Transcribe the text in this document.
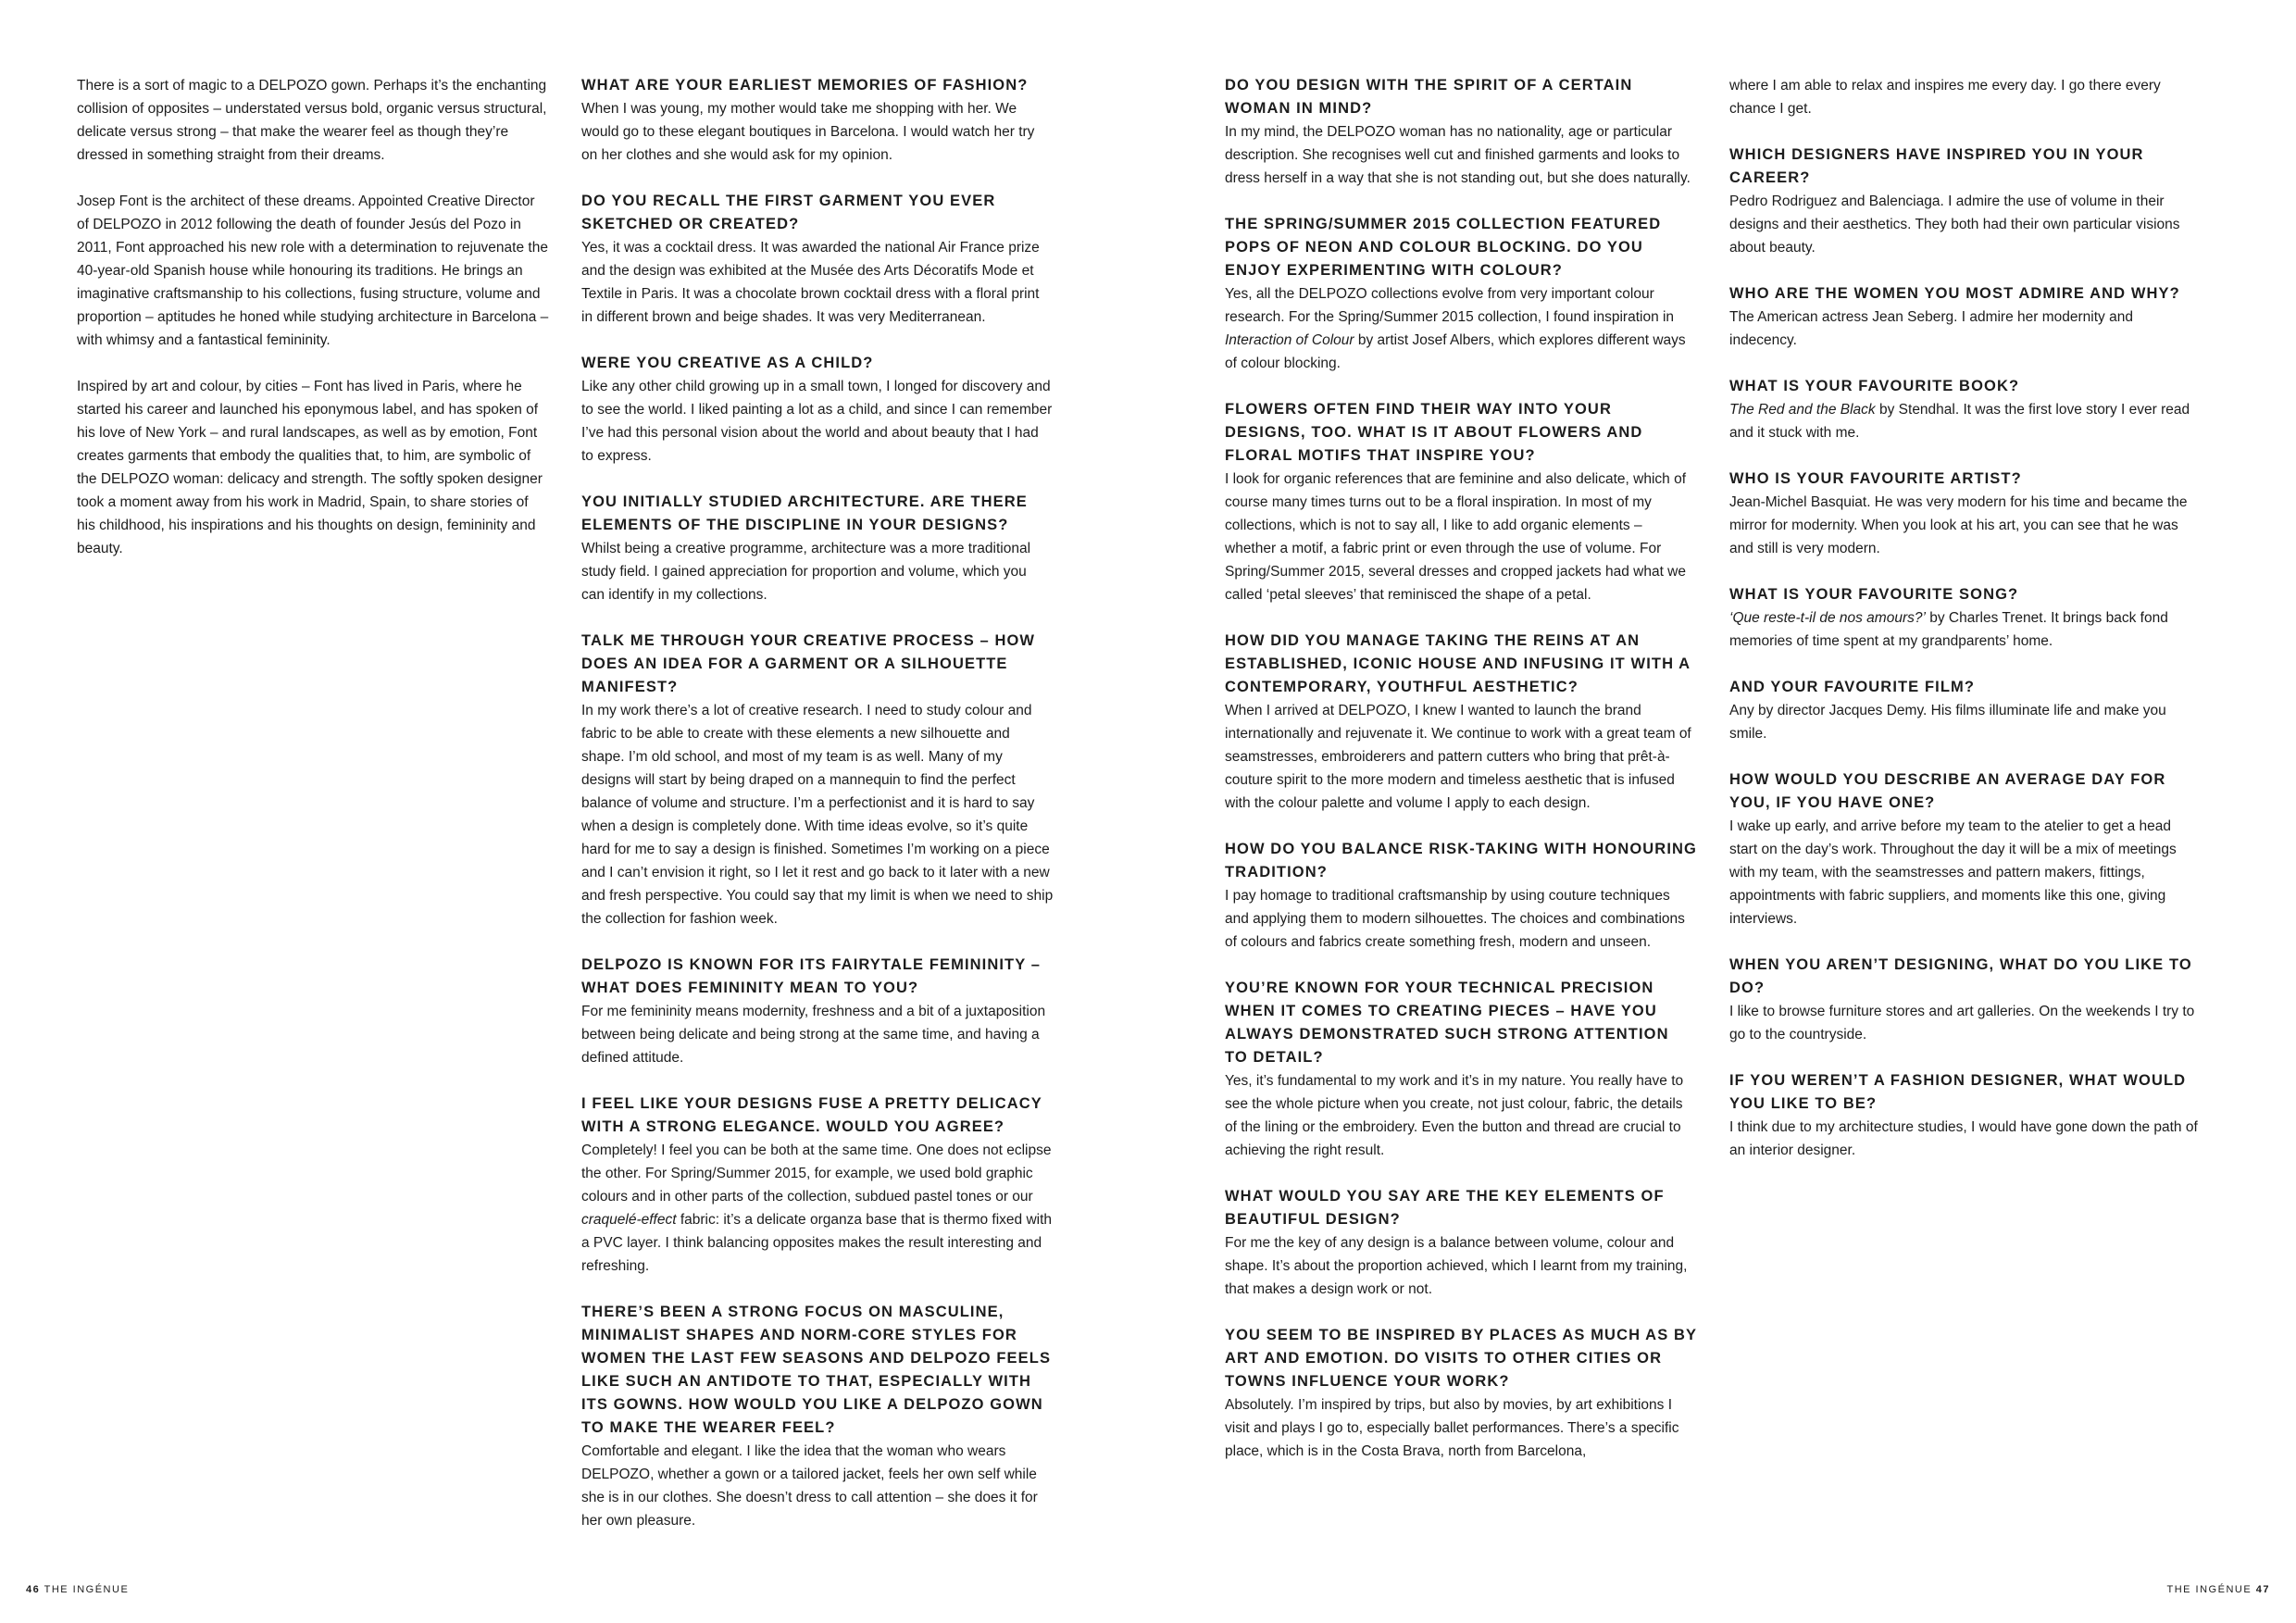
There is a sort of magic to a DELPOZO gown. Perhaps it’s the enchanting collision of opposites – understated versus bold, organic versus structural, delicate versus strong – that make the wearer feel as though they’re dressed in something straight from their dreams.

Josep Font is the architect of these dreams. Appointed Creative Director of DELPOZO in 2012 following the death of founder Jesús del Pozo in 2011, Font approached his new role with a determination to rejuvenate the 40-year-old Spanish house while honouring its traditions. He brings an imaginative craftsmanship to his collections, fusing structure, volume and proportion – aptitudes he honed while studying architecture in Barcelona – with whimsy and a fantastical femininity.

Inspired by art and colour, by cities – Font has lived in Paris, where he started his career and launched his eponymous label, and has spoken of his love of New York – and rural landscapes, as well as by emotion, Font creates garments that embody the qualities that, to him, are symbolic of the DELPOZO woman: delicacy and strength. The softly spoken designer took a moment away from his work in Madrid, Spain, to share stories of his childhood, his inspirations and his thoughts on design, femininity and beauty.

WHAT ARE YOUR EARLIEST MEMORIES OF FASHION?

When I was young, my mother would take me shopping with her. We would go to these elegant boutiques in Barcelona. I would watch her try on her clothes and she would ask for my opinion.

DO YOU RECALL THE FIRST GARMENT YOU EVER SKETCHED OR CREATED?

Yes, it was a cocktail dress. It was awarded the national Air France prize and the design was exhibited at the Musée des Arts Décoratifs Mode et Textile in Paris. It was a chocolate brown cocktail dress with a floral print in different brown and beige shades. It was very Mediterranean.

WERE YOU CREATIVE AS A CHILD?

Like any other child growing up in a small town, I longed for discovery and to see the world. I liked painting a lot as a child, and since I can remember I’ve had this personal vision about the world and about beauty that I had to express.

YOU INITIALLY STUDIED ARCHITECTURE. ARE THERE ELEMENTS OF THE DISCIPLINE IN YOUR DESIGNS?

Whilst being a creative programme, architecture was a more traditional study field. I gained appreciation for proportion and volume, which you can identify in my collections.

TALK ME THROUGH YOUR CREATIVE PROCESS – HOW DOES AN IDEA FOR A GARMENT OR A SILHOUETTE MANIFEST?

In my work there’s a lot of creative research. I need to study colour and fabric to be able to create with these elements a new silhouette and shape. I’m old school, and most of my team is as well. Many of my designs will start by being draped on a mannequin to find the perfect balance of volume and structure. I’m a perfectionist and it is hard to say when a design is completely done. With time ideas evolve, so it’s quite hard for me to say a design is finished. Sometimes I’m working on a piece and I can’t envision it right, so I let it rest and go back to it later with a new and fresh perspective. You could say that my limit is when we need to ship the collection for fashion week.

DELPOZO IS KNOWN FOR ITS FAIRYTALE FEMININITY – WHAT DOES FEMININITY MEAN TO YOU?

For me femininity means modernity, freshness and a bit of a juxtaposition between being delicate and being strong at the same time, and having a defined attitude.

I FEEL LIKE YOUR DESIGNS FUSE A PRETTY DELICACY WITH A STRONG ELEGANCE. WOULD YOU AGREE?

Completely! I feel you can be both at the same time. One does not eclipse the other. For Spring/Summer 2015, for example, we used bold graphic colours and in other parts of the collection, subdued pastel tones or our craquelé-effect fabric: it’s a delicate organza base that is thermo fixed with a PVC layer. I think balancing opposites makes the result interesting and refreshing.

THERE’S BEEN A STRONG FOCUS ON MASCULINE, MINIMALIST SHAPES AND NORM-CORE STYLES FOR WOMEN THE LAST FEW SEASONS AND DELPOZO FEELS LIKE SUCH AN ANTIDOTE TO THAT, ESPECIALLY WITH ITS GOWNS. HOW WOULD YOU LIKE A DELPOZO GOWN TO MAKE THE WEARER FEEL?

Comfortable and elegant. I like the idea that the woman who wears DELPOZO, whether a gown or a tailored jacket, feels her own self while she is in our clothes. She doesn’t dress to call attention – she does it for her own pleasure.

DO YOU DESIGN WITH THE SPIRIT OF A CERTAIN WOMAN IN MIND?

In my mind, the DELPOZO woman has no nationality, age or particular description. She recognises well cut and finished garments and looks to dress herself in a way that she is not standing out, but she does naturally.

THE SPRING/SUMMER 2015 COLLECTION FEATURED POPS OF NEON AND COLOUR BLOCKING. DO YOU ENJOY EXPERIMENTING WITH COLOUR?

Yes, all the DELPOZO collections evolve from very important colour research. For the Spring/Summer 2015 collection, I found inspiration in Interaction of Colour by artist Josef Albers, which explores different ways of colour blocking.

FLOWERS OFTEN FIND THEIR WAY INTO YOUR DESIGNS, TOO. WHAT IS IT ABOUT FLOWERS AND FLORAL MOTIFS THAT INSPIRE YOU?

I look for organic references that are feminine and also delicate, which of course many times turns out to be a floral inspiration. In most of my collections, which is not to say all, I like to add organic elements – whether a motif, a fabric print or even through the use of volume. For Spring/Summer 2015, several dresses and cropped jackets had what we called ‘petal sleeves’ that reminisced the shape of a petal.

HOW DID YOU MANAGE TAKING THE REINS AT AN ESTABLISHED, ICONIC HOUSE AND INFUSING IT WITH A CONTEMPORARY, YOUTHFUL AESTHETIC?

When I arrived at DELPOZO, I knew I wanted to launch the brand internationally and rejuvenate it. We continue to work with a great team of seamstresses, embroiderers and pattern cutters who bring that prêt-à-couture spirit to the more modern and timeless aesthetic that is infused with the colour palette and volume I apply to each design.

HOW DO YOU BALANCE RISK-TAKING WITH HONOURING TRADITION?

I pay homage to traditional craftsmanship by using couture techniques and applying them to modern silhouettes. The choices and combinations of colours and fabrics create something fresh, modern and unseen.

YOU’RE KNOWN FOR YOUR TECHNICAL PRECISION WHEN IT COMES TO CREATING PIECES – HAVE YOU ALWAYS DEMONSTRATED SUCH STRONG ATTENTION TO DETAIL?

Yes, it’s fundamental to my work and it’s in my nature. You really have to see the whole picture when you create, not just colour, fabric, the details of the lining or the embroidery. Even the button and thread are crucial to achieving the right result.

WHAT WOULD YOU SAY ARE THE KEY ELEMENTS OF BEAUTIFUL DESIGN?

For me the key of any design is a balance between volume, colour and shape. It’s about the proportion achieved, which I learnt from my training, that makes a design work or not.

YOU SEEM TO BE INSPIRED BY PLACES AS MUCH AS BY ART AND EMOTION. DO VISITS TO OTHER CITIES OR TOWNS INFLUENCE YOUR WORK?

Absolutely. I’m inspired by trips, but also by movies, by art exhibitions I visit and plays I go to, especially ballet performances. There’s a specific place, which is in the Costa Brava, north from Barcelona,

where I am able to relax and inspires me every day. I go there every chance I get.

WHICH DESIGNERS HAVE INSPIRED YOU IN YOUR CAREER?

Pedro Rodriguez and Balenciaga. I admire the use of volume in their designs and their aesthetics. They both had their own particular visions about beauty.

WHO ARE THE WOMEN YOU MOST ADMIRE AND WHY?

The American actress Jean Seberg. I admire her modernity and indecency.

WHAT IS YOUR FAVOURITE BOOK?

The Red and the Black by Stendhal. It was the first love story I ever read and it stuck with me.

WHO IS YOUR FAVOURITE ARTIST?

Jean-Michel Basquiat. He was very modern for his time and became the mirror for modernity. When you look at his art, you can see that he was and still is very modern.

WHAT IS YOUR FAVOURITE SONG?

‘Que reste-t-il de nos amours?’ by Charles Trenet. It brings back fond memories of time spent at my grandparents’ home.

AND YOUR FAVOURITE FILM?

Any by director Jacques Demy. His films illuminate life and make you smile.

HOW WOULD YOU DESCRIBE AN AVERAGE DAY FOR YOU, IF YOU HAVE ONE?

I wake up early, and arrive before my team to the atelier to get a head start on the day’s work. Throughout the day it will be a mix of meetings with my team, with the seamstresses and pattern makers, fittings, appointments with fabric suppliers, and moments like this one, giving interviews.

WHEN YOU AREN’T DESIGNING, WHAT DO YOU LIKE TO DO?

I like to browse furniture stores and art galleries. On the weekends I try to go to the countryside.

IF YOU WEREN’T A FASHION DESIGNER, WHAT WOULD YOU LIKE TO BE?

I think due to my architecture studies, I would have gone down the path of an interior designer.

46 THE INGÉNUE	THE INGÉNUE 47
